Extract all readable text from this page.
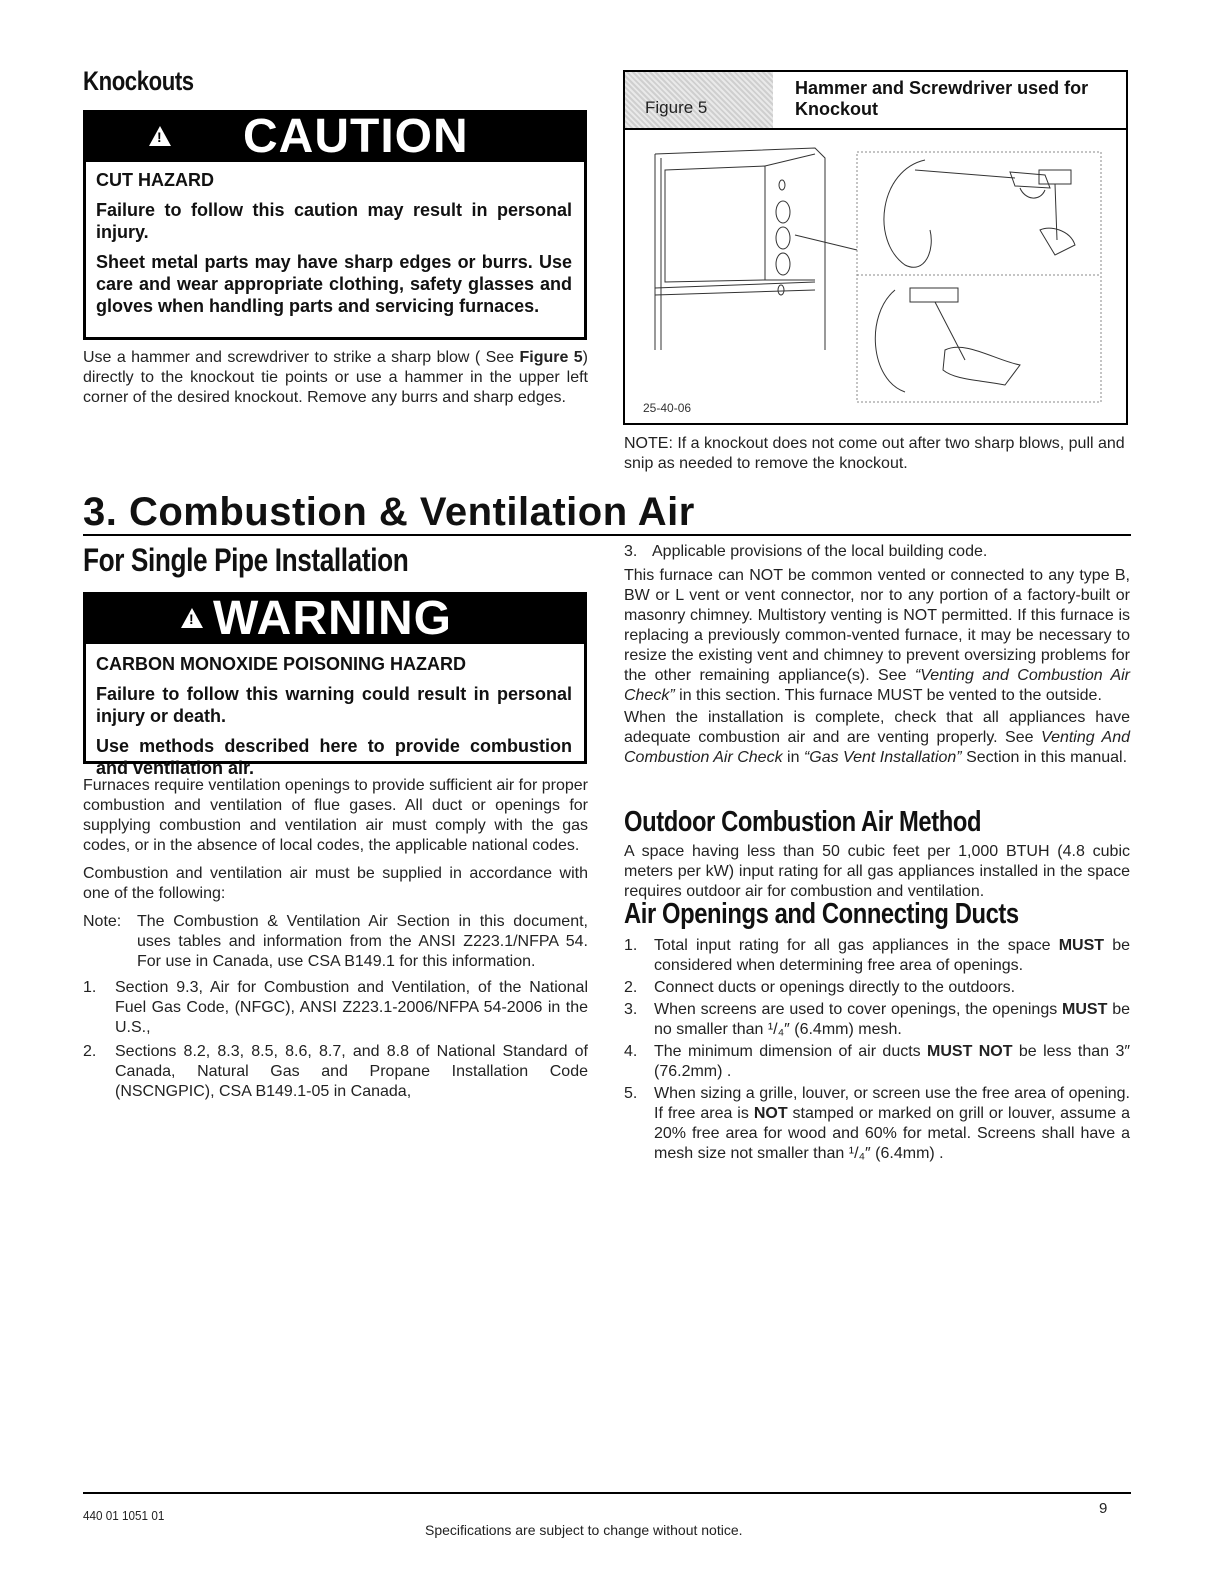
Knockouts
!
CAUTION
CUT HAZARD
Failure to follow this caution may result in personal injury.
Sheet metal parts may have sharp edges or burrs. Use care and wear appropriate clothing, safety glasses and gloves when handling parts and servicing furnaces.
Use a hammer and screwdriver to strike a sharp blow ( See Figure 5) directly to the knockout tie points or use a hammer in the upper left corner of the desired knockout. Remove any burrs and sharp edges.
Figure 5
Hammer and Screwdriver used for Knockout
25-40-06
NOTE: If a knockout does not come out after two sharp blows, pull and snip as needed to remove the knockout.
3. Combustion & Ventilation Air
For Single Pipe Installation
!
WARNING
CARBON MONOXIDE POISONING HAZARD
Failure to follow this warning could result in personal injury or death.
Use methods described here to provide combustion and ventilation air.

Furnaces require ventilation openings to provide sufficient air for proper combustion and ventilation of flue gases. All duct or openings for supplying combustion and ventilation air must comply with the gas codes, or in the absence of local codes, the applicable national codes.

Combustion and ventilation air must be supplied in accordance with one of the following:

Note: The Combustion & Ventilation Air Section in this document, uses tables and information from the ANSI Z223.1/NFPA 54. For use in Canada, use CSA B149.1 for this information.
1. Section 9.3, Air for Combustion and Ventilation, of the National Fuel Gas Code, (NFGC), ANSI Z223.1-2006/NFPA 54-2006 in the U.S.,
2. Sections 8.2, 8.3, 8.5, 8.6, 8.7, and 8.8 of National Standard of Canada, Natural Gas and Propane Installation Code (NSCNGPIC), CSA B149.1-05 in Canada,
3. Applicable provisions of the local building code.

This furnace can NOT be common vented or connected to any type B, BW or L vent or vent connector, nor to any portion of a factory-built or masonry chimney. Multistory venting is NOT permitted. If this furnace is replacing a previously common-vented furnace, it may be necessary to resize the existing vent and chimney to prevent oversizing problems for the other remaining appliance(s). See “Venting and Combustion Air Check” in this section. This furnace MUST be vented to the outside.

When the installation is complete, check that all appliances have adequate combustion air and are venting properly. See Venting And Combustion Air Check in “Gas Vent Installation” Section in this manual.

Outdoor Combustion Air Method
A space having less than 50 cubic feet per 1,000 BTUH (4.8 cubic meters per kW) input rating for all gas appliances installed in the space requires outdoor air for combustion and ventilation.
Air Openings and Connecting Ducts
1. Total input rating for all gas appliances in the space MUST be considered when determining free area of openings.
2. Connect ducts or openings directly to the outdoors.
3. When screens are used to cover openings, the openings MUST be no smaller than ¹/₄″ (6.4mm) mesh.
4. The minimum dimension of air ducts MUST NOT be less than 3″ (76.2mm) .
5. When sizing a grille, louver, or screen use the free area of opening. If free area is NOT stamped or marked on grill or louver, assume a 20% free area for wood and 60% for metal. Screens shall have a mesh size not smaller than ¹/₄″ (6.4mm) .
440 01 1051 01
Specifications are subject to change without notice.
9
